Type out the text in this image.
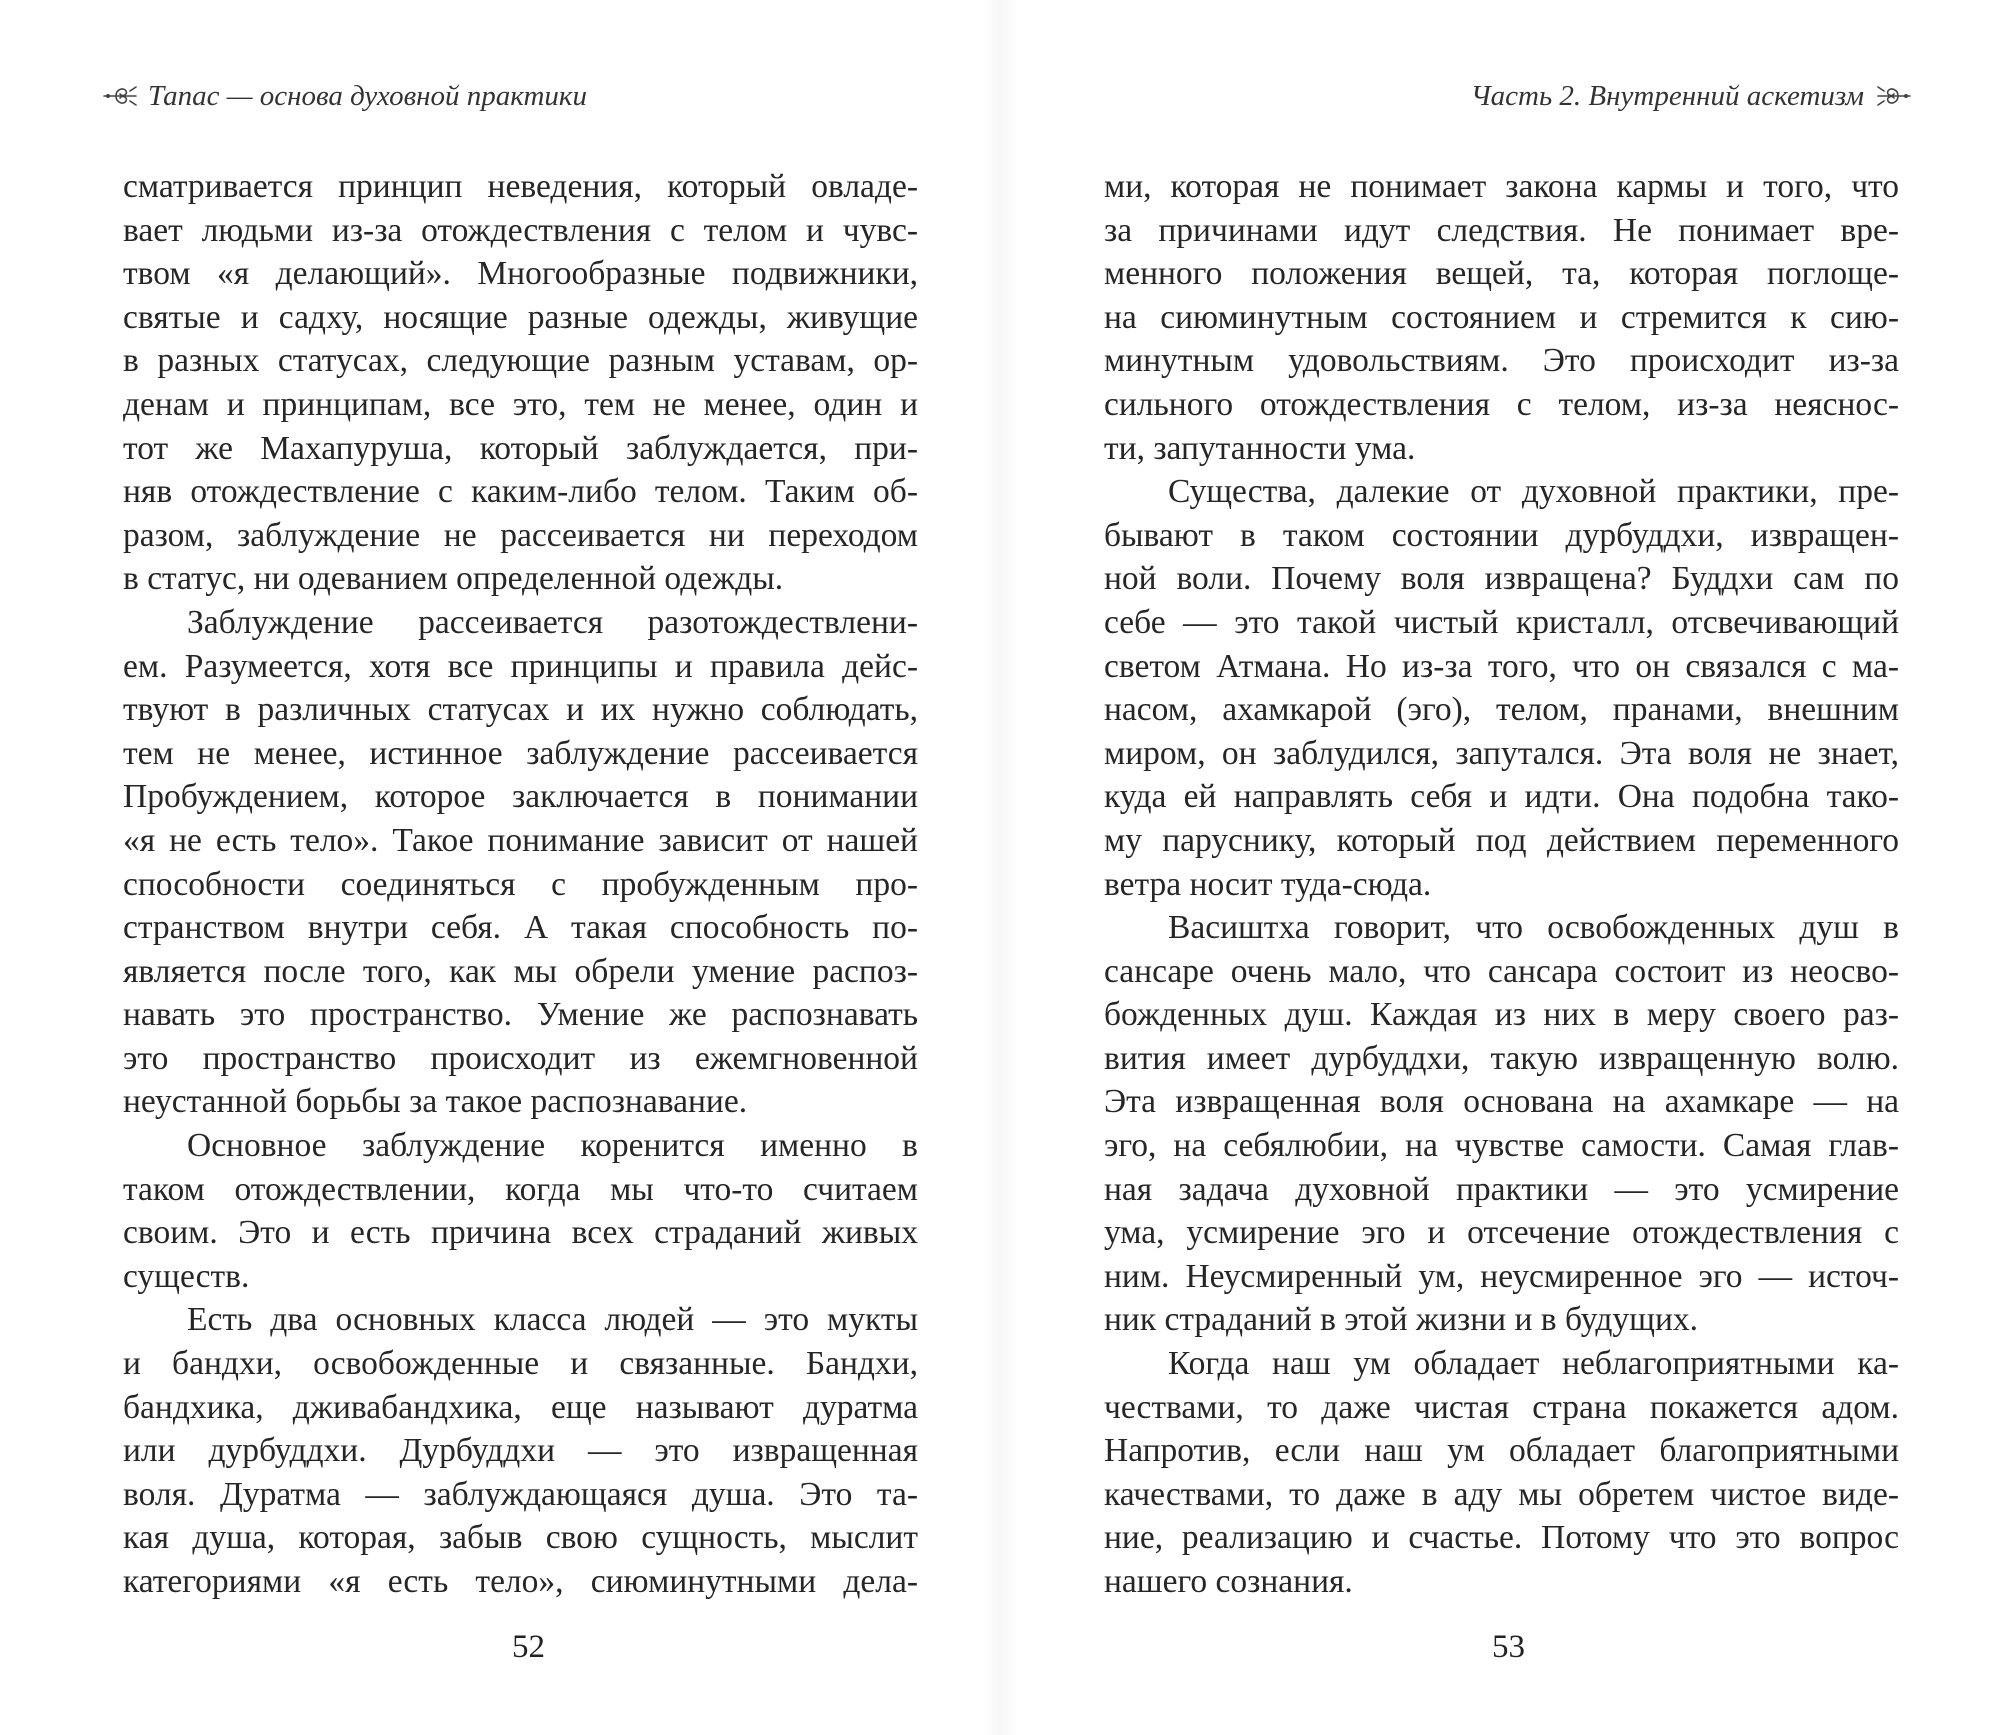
Тапас — основа духовной практики
сматривается принцип неведения, который овладе-
вает людьми из-за отождествления с телом и чувс-
твом «я делающий». Многообразные подвижники,
святые и садху, носящие разные одежды, живущие
в разных статусах, следующие разным уставам, ор-
денам и принципам, все это, тем не менее, один и
тот же Махапуруша, который заблуждается, при-
няв отождествление с каким-либо телом. Таким об-
разом, заблуждение не рассеивается ни переходом
в статус, ни одеванием определенной одежды.
Заблуждение рассеивается разотождествлени-
ем. Разумеется, хотя все принципы и правила дейс-
твуют в различных статусах и их нужно соблюдать,
тем не менее, истинное заблуждение рассеивается
Пробуждением, которое заключается в понимании
«я не есть тело». Такое понимание зависит от нашей
способности соединяться с пробужденным про-
странством внутри себя. А такая способность по-
является после того, как мы обрели умение распоз-
навать это пространство. Умение же распознавать
это пространство происходит из ежемгновенной
неустанной борьбы за такое распознавание.
Основное заблуждение коренится именно в
таком отождествлении, когда мы что-то считаем
своим. Это и есть причина всех страданий живых
существ.
Есть два основных класса людей — это мукты
и бандхи, освобожденные и связанные. Бандхи,
бандхика, дживабандхика, еще называют дуратма
или дурбуддхи. Дурбуддхи — это извращенная
воля. Дуратма — заблуждающаяся душа. Это та-
кая душа, которая, забыв свою сущность, мыслит
категориями «я есть тело», сиюминутными дела-
52
Часть 2. Внутренний аскетизм
ми, которая не понимает закона кармы и того, что
за причинами идут следствия. Не понимает вре-
менного положения вещей, та, которая поглоще-
на сиюминутным состоянием и стремится к сию-
минутным удовольствиям. Это происходит из-за
сильного отождествления с телом, из-за неяснос-
ти, запутанности ума.
Существа, далекие от духовной практики, пре-
бывают в таком состоянии дурбуддхи, извращен-
ной воли. Почему воля извращена? Буддхи сам по
себе — это такой чистый кристалл, отсвечивающий
светом Атмана. Но из-за того, что он связался с ма-
насом, ахамкарой (эго), телом, пранами, внешним
миром, он заблудился, запутался. Эта воля не знает,
куда ей направлять себя и идти. Она подобна тако-
му паруснику, который под действием переменного
ветра носит туда-сюда.
Васиштха говорит, что освобожденных душ в
сансаре очень мало, что сансара состоит из неосво-
божденных душ. Каждая из них в меру своего раз-
вития имеет дурбуддхи, такую извращенную волю.
Эта извращенная воля основана на ахамкаре — на
эго, на себялюбии, на чувстве самости. Самая глав-
ная задача духовной практики — это усмирение
ума, усмирение эго и отсечение отождествления с
ним. Неусмиренный ум, неусмиренное эго — источ-
ник страданий в этой жизни и в будущих.
Когда наш ум обладает неблагоприятными ка-
чествами, то даже чистая страна покажется адом.
Напротив, если наш ум обладает благоприятными
качествами, то даже в аду мы обретем чистое виде-
ние, реализацию и счастье. Потому что это вопрос
нашего сознания.
53
